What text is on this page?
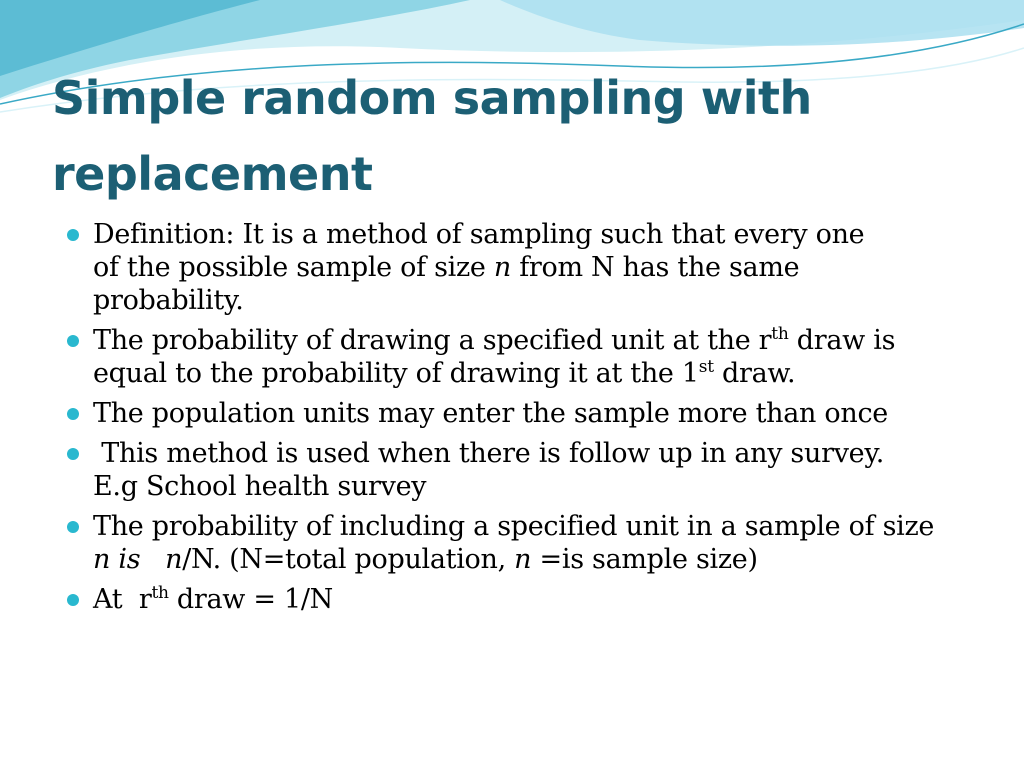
Simple random sampling with
replacement
Definition: It is a method of sampling such that every one
of the possible sample of size n from N has the same
probability.
The probability of drawing a specified unit at the $r^{th}$ draw is equal to the probability of drawing it at the 1st draw.
The population units may enter the sample more than once
This method is used when there is follow up in any survey.
E.g School health survey
The probability of including a specified unit in a sample of size n is   n/N. (N=total population, n =is sample size)
At  $r^{th}$ draw = 1/N
